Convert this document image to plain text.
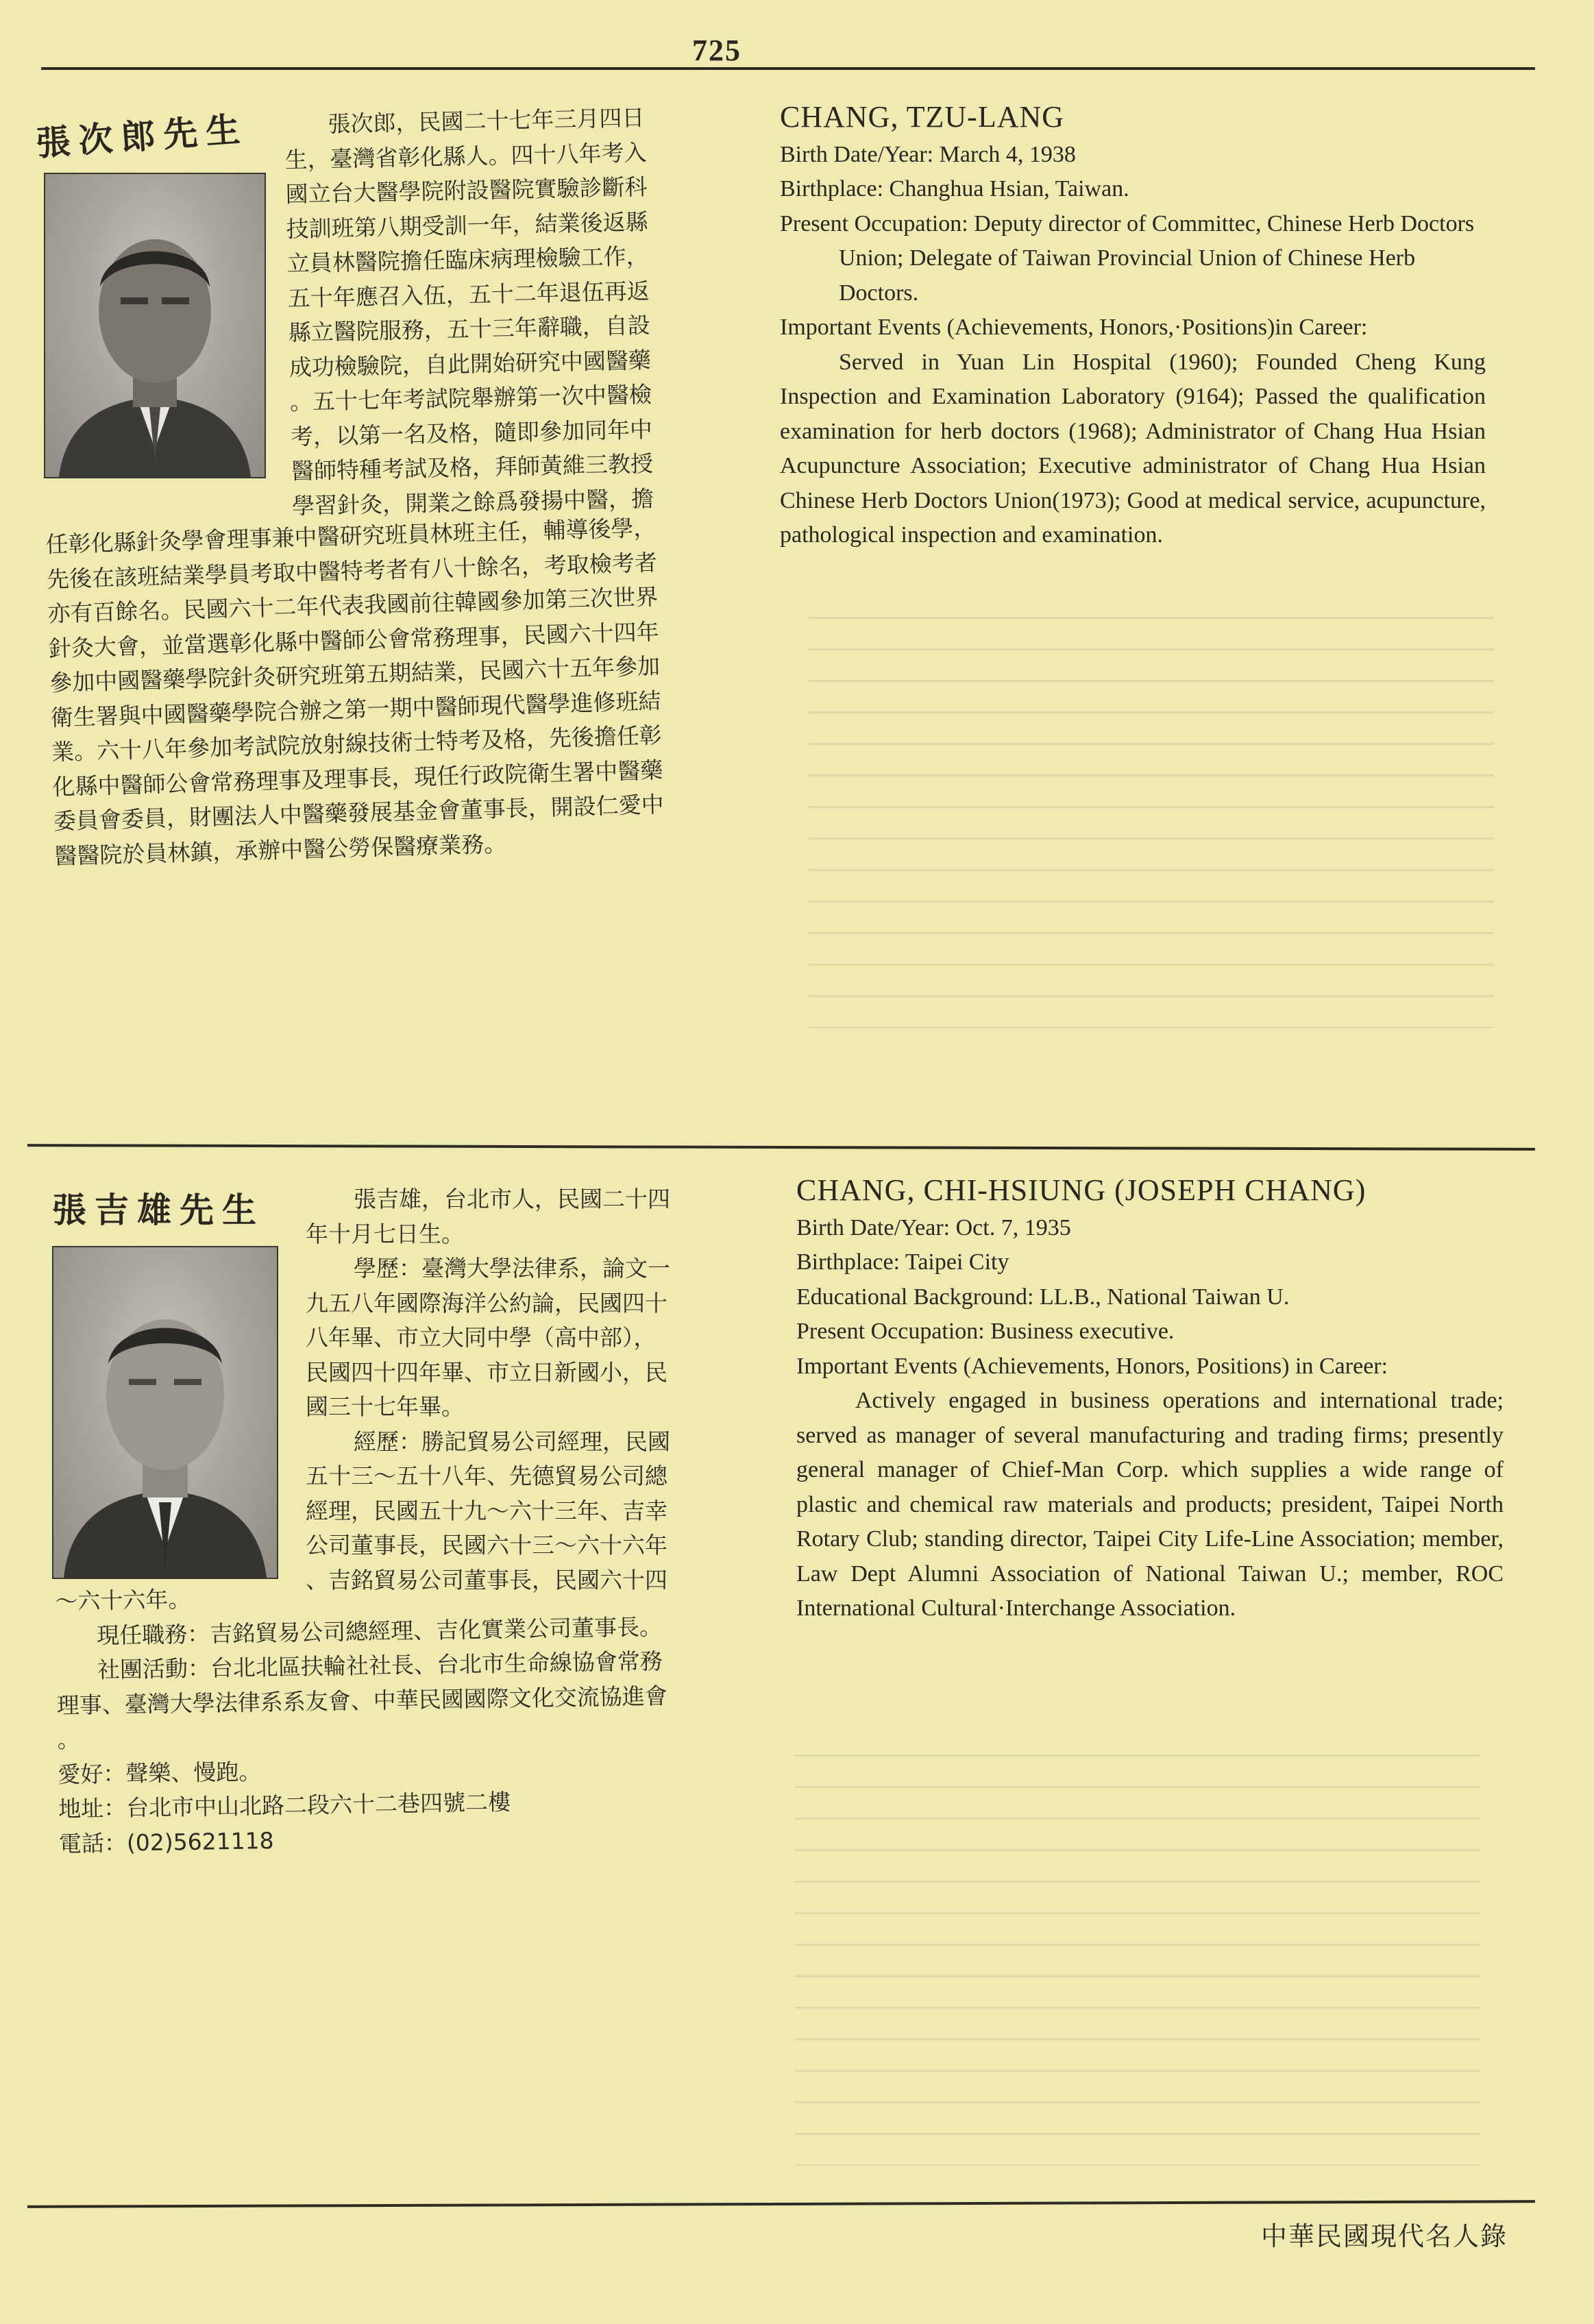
725
張次郎先生	張次郎，民國二十七年三月四日

生，臺灣省彰化縣人。四十八年考入

國立台大醫學院附設醫院實驗診斷科

技訓班第八期受訓一年，結業後返縣

立員林醫院擔任臨床病理檢驗工作，

五十年應召入伍，五十二年退伍再返

縣立醫院服務，五十三年辭職，自設

成功檢驗院，自此開始研究中國醫藥

。五十七年考試院舉辦第一次中醫檢

考，以第一名及格，隨即參加同年中

醫師特種考試及格，拜師黃維三教授

學習針灸，開業之餘爲發揚中醫，擔

任彰化縣針灸學會理事兼中醫研究班員林班主任，輔導後學，

先後在該班結業學員考取中醫特考者有八十餘名，考取檢考者

亦有百餘名。民國六十二年代表我國前往韓國參加第三次世界

針灸大會，並當選彰化縣中醫師公會常務理事，民國六十四年

參加中國醫藥學院針灸研究班第五期結業，民國六十五年參加

衛生署與中國醫藥學院合辦之第一期中醫師現代醫學進修班結

業。六十八年參加考試院放射線技術士特考及格，先後擔任彰

化縣中醫師公會常務理事及理事長，現任行政院衛生署中醫藥

委員會委員，財團法人中醫藥發展基金會董事長，開設仁愛中

醫醫院於員林鎮，承辦中醫公勞保醫療業務。

CHANG, TZU-LANG

Birth Date/Year: March 4, 1938

Birthplace: Changhua Hsian, Taiwan.

Present Occupation: Deputy director of Committec, Chinese Herb Doctors Union; Delegate of Taiwan Provincial Union of Chinese Herb Doctors.

Important Events (Achievements, Honors,·Positions)in Career:

Served in Yuan Lin Hospital (1960); Founded Cheng Kung Inspection and Examination Laboratory (9164); Passed the qualification examination for herb doctors (1968); Administrator of Chang Hua Hsian Acupuncture Association; Executive administrator of Chang Hua Hsian Chinese Herb Doctors Union(1973); Good at medical service, acupuncture, pathological inspection and examination.

張吉雄先生	張吉雄，台北市人，民國二十四

年十月七日生。

學歷：臺灣大學法律系，論文一

九五八年國際海洋公約論，民國四十

八年畢、市立大同中學（高中部），

民國四十四年畢、市立日新國小，民

國三十七年畢。

經歷：勝記貿易公司經理，民國

五十三～五十八年、先德貿易公司總

經理，民國五十九～六十三年、吉幸

公司董事長，民國六十三～六十六年

、吉銘貿易公司董事長，民國六十四

～六十六年。

現任職務：吉銘貿易公司總經理、吉化實業公司董事長。

社團活動：台北北區扶輪社社長、台北市生命線協會常務

理事、臺灣大學法律系系友會、中華民國國際文化交流協進會

。

愛好：聲樂、慢跑。

地址：台北市中山北路二段六十二巷四號二樓

電話：(02)5621118

CHANG, CHI-HSIUNG (JOSEPH CHANG)

Birth Date/Year: Oct. 7, 1935

Birthplace: Taipei City

Educational Background: LL.B., National Taiwan U.

Present Occupation: Business executive.

Important Events (Achievements, Honors, Positions) in Career:

Actively engaged in business operations and international trade; served as manager of several manufacturing and trading firms; presently general manager of Chief-Man Corp. which supplies a wide range of plastic and chemical raw materials and products; president, Taipei North Rotary Club; standing director, Taipei City Life-Line Association; member, Law Dept Alumni Association of National Taiwan U.; member, ROC International Cultural·Interchange Association.

中華民國現代名人錄
